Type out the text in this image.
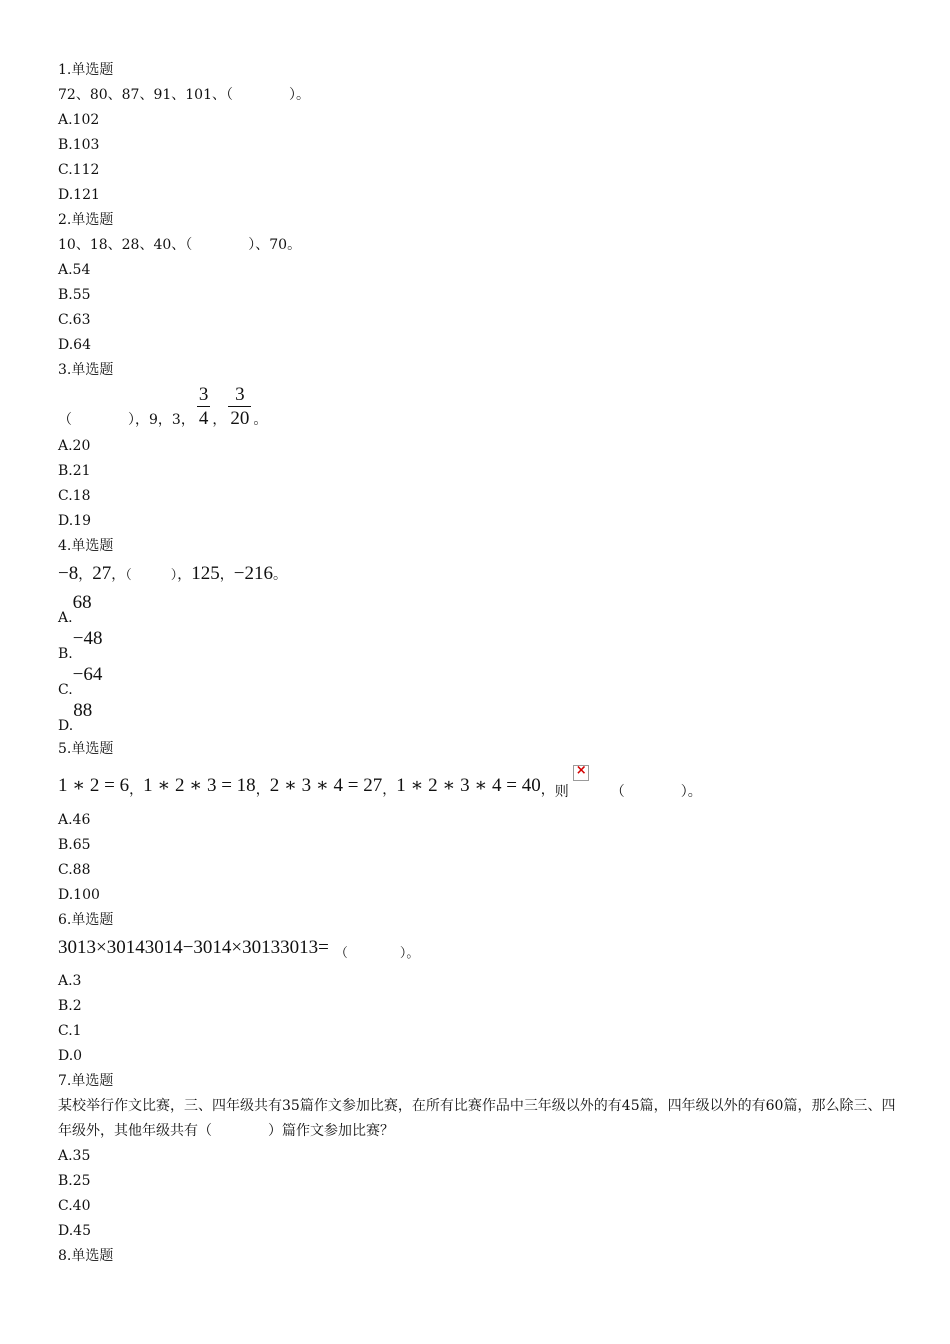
1.单选题
72、80、87、91、101、（　　　　）。
A.102
B.103
C.112
D.121
2.单选题
10、18、28、40、（　　　　）、70。
A.54
B.55
C.63
D.64
3.单选题
（　　　　），9，3， $\frac{3}{4}$ ， $\frac{3}{20}$ 。
A.20
B.21
C.18
D.19
4.单选题
−8，27，（　　　），125，−216。
A.
68
B.
−48
C.
−64
D.
88
5.单选题
1 ∗ 2 = 6 ， 1 ∗ 2 ∗ 3 = 18 ， 2 ∗ 3 ∗ 4 = 27 ， 1 ∗ 2 ∗ 3 ∗ 4 = 40 ， 则
×
（　　　　）。
A.46
B.65
C.88
D.100
6.单选题
3013×30143014−3014×30133013= （　　　　）。
A.3
B.2
C.1
D.0
7.单选题
某校举行作文比赛，三、四年级共有35篇作文参加比赛，在所有比赛作品中三年级以外的有45篇，四年级以外的有60篇，那么除三、四年级外，其他年级共有（　　　　）篇作文参加比赛？
A.35
B.25
C.40
D.45
8.单选题
